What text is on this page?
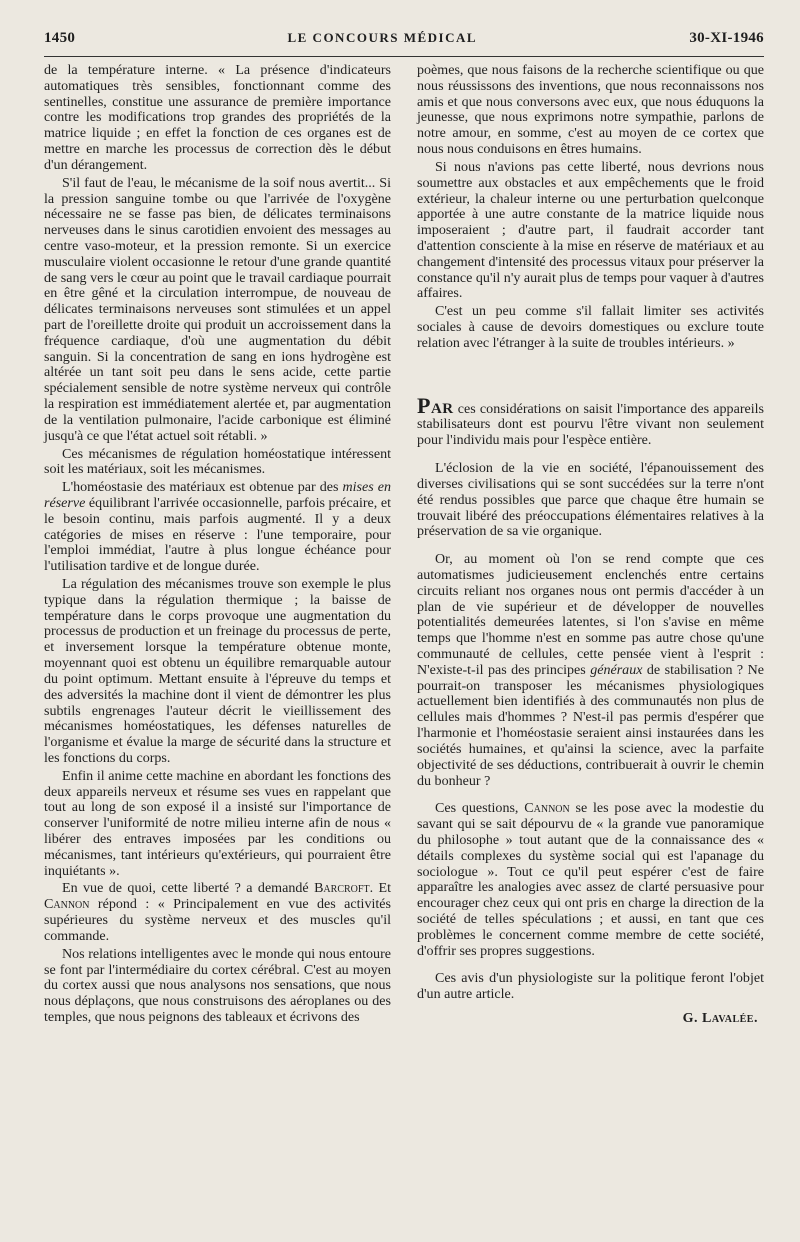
1450	LE CONCOURS MÉDICAL	30-XI-1946

de la température interne. « La présence d'indicateurs automatiques très sensibles, fonctionnant comme des sentinelles, constitue une assurance de première importance contre les modifications trop grandes des propriétés de la matrice liquide ; en effet la fonction de ces organes est de mettre en marche les processus de correction dès le début d'un dérangement.

S'il faut de l'eau, le mécanisme de la soif nous avertit... Si la pression sanguine tombe ou que l'arrivée de l'oxygène nécessaire ne se fasse pas bien, de délicates terminaisons nerveuses dans le sinus carotidien envoient des messages au centre vaso-moteur, et la pression remonte. Si un exercice musculaire violent occasionne le retour d'une grande quantité de sang vers le cœur au point que le travail cardiaque pourrait en être gêné et la circulation interrompue, de nouveau de délicates terminaisons nerveuses sont stimulées et un appel part de l'oreillette droite qui produit un accroissement dans la fréquence cardiaque, d'où une augmentation du débit sanguin. Si la concentration de sang en ions hydrogène est altérée un tant soit peu dans le sens acide, cette partie spécialement sensible de notre système nerveux qui contrôle la respiration est immédiatement alertée et, par augmentation de la ventilation pulmonaire, l'acide carbonique est éliminé jusqu'à ce que l'état actuel soit rétabli. »

Ces mécanismes de régulation homéostatique intéressent soit les matériaux, soit les mécanismes.

L'homéostasie des matériaux est obtenue par des mises en réserve équilibrant l'arrivée occasionnelle, parfois précaire, et le besoin continu, mais parfois augmenté. Il y a deux catégories de mises en réserve : l'une temporaire, pour l'emploi immédiat, l'autre à plus longue échéance pour l'utilisation tardive et de longue durée.

La régulation des mécanismes trouve son exemple le plus typique dans la régulation thermique ; la baisse de température dans le corps provoque une augmentation du processus de production et un freinage du processus de perte, et inversement lorsque la température obtenue monte, moyennant quoi est obtenu un équilibre remarquable autour du point optimum. Mettant ensuite à l'épreuve du temps et des adversités la machine dont il vient de démontrer les plus subtils engrenages l'auteur décrit le vieillissement des mécanismes homéostatiques, les défenses naturelles de l'organisme et évalue la marge de sécurité dans la structure et les fonctions du corps.

Enfin il anime cette machine en abordant les fonctions des deux appareils nerveux et résume ses vues en rappelant que tout au long de son exposé il a insisté sur l'importance de conserver l'uniformité de notre milieu interne afin de nous « libérer des entraves imposées par les conditions ou mécanismes, tant intérieurs qu'extérieurs, qui pourraient être inquiétants ».

En vue de quoi, cette liberté ? a demandé Barcroft. Et Cannon répond : « Principalement en vue des activités supérieures du système nerveux et des muscles qu'il commande.

Nos relations intelligentes avec le monde qui nous entoure se font par l'intermédiaire du cortex cérébral. C'est au moyen du cortex aussi que nous analysons nos sensations, que nous nous déplaçons, que nous construisons des aéroplanes ou des temples, que nous peignons des tableaux et écrivons des

poèmes, que nous faisons de la recherche scientifique ou que nous réussissons des inventions, que nous reconnaissons nos amis et que nous conversons avec eux, que nous éduquons la jeunesse, que nous exprimons notre sympathie, parlons de notre amour, en somme, c'est au moyen de ce cortex que nous nous conduisons en êtres humains.

Si nous n'avions pas cette liberté, nous devrions nous soumettre aux obstacles et aux empêchements que le froid extérieur, la chaleur interne ou une perturbation quelconque apportée à une autre constante de la matrice liquide nous imposeraient ; d'autre part, il faudrait accorder tant d'attention consciente à la mise en réserve de matériaux et au changement d'intensité des processus vitaux pour préserver la constance qu'il n'y aurait plus de temps pour vaquer à d'autres affaires.

C'est un peu comme s'il fallait limiter ses activités sociales à cause de devoirs domestiques ou exclure toute relation avec l'étranger à la suite de troubles intérieurs. »

Par ces considérations on saisit l'importance des appareils stabilisateurs dont est pourvu l'être vivant non seulement pour l'individu mais pour l'espèce entière.

L'éclosion de la vie en société, l'épanouissement des diverses civilisations qui se sont succédées sur la terre n'ont été rendus possibles que parce que chaque être humain se trouvait libéré des préoccupations élémentaires relatives à la préservation de sa vie organique.

Or, au moment où l'on se rend compte que ces automatismes judicieusement enclenchés entre certains circuits reliant nos organes nous ont permis d'accéder à un plan de vie supérieur et de développer de nouvelles potentialités demeurées latentes, si l'on s'avise en même temps que l'homme n'est en somme pas autre chose qu'une communauté de cellules, cette pensée vient à l'esprit : N'existe-t-il pas des principes généraux de stabilisation ? Ne pourrait-on transposer les mécanismes physiologiques actuellement bien identifiés à des communautés non plus de cellules mais d'hommes ? N'est-il pas permis d'espérer que l'harmonie et l'homéostasie seraient ainsi instaurées dans les sociétés humaines, et qu'ainsi la science, avec la parfaite objectivité de ses déductions, contribuerait à ouvrir le chemin du bonheur ?

Ces questions, Cannon se les pose avec la modestie du savant qui se sait dépourvu de « la grande vue panoramique du philosophe » tout autant que de la connaissance des « détails complexes du système social qui est l'apanage du sociologue ». Tout ce qu'il peut espérer c'est de faire apparaître les analogies avec assez de clarté persuasive pour encourager chez ceux qui ont pris en charge la direction de la société de telles spéculations ; et aussi, en tant que ces problèmes le concernent comme membre de cette société, d'offrir ses propres suggestions.

Ces avis d'un physiologiste sur la politique feront l'objet d'un autre article.

G. Lavalée.
